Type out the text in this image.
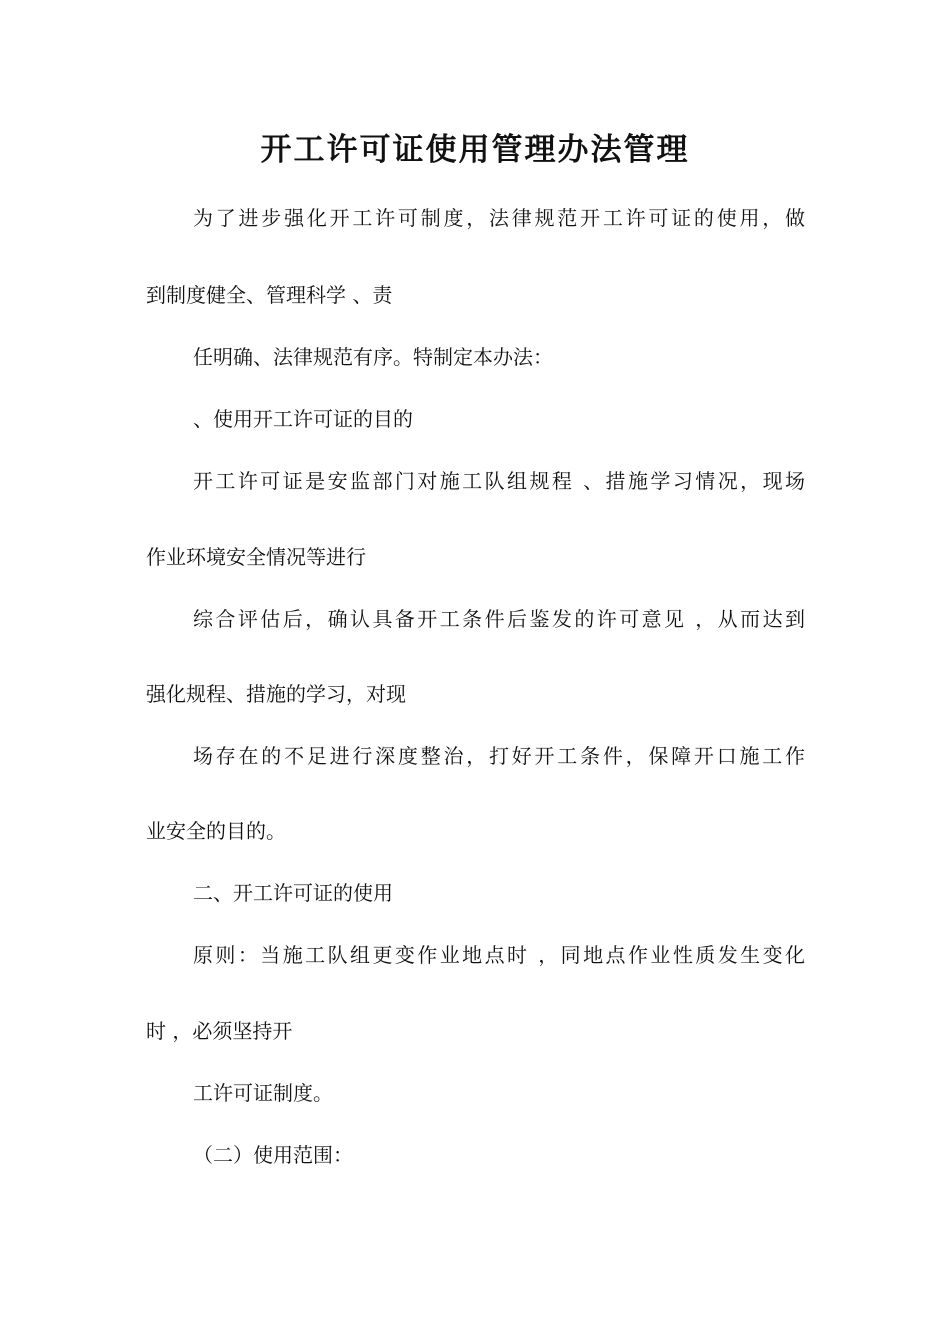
开工许可证使用管理办法管理

为了进步强化开工许可制度，法律规范开工许可证的使用，做

到制度健全、管理科学 、责

任明确、法律规范有序。特制定本办法：

、使用开工许可证的目的

开工许可证是安监部门对施工队组规程 、措施学习情况，现场

作业环境安全情况等进行

综合评估后，确认具备开工条件后鉴发的许可意见 ，从而达到

强化规程、措施的学习，对现

场存在的不足进行深度整治，打好开工条件，保障开口施工作

业安全的目的。

二、开工许可证的使用

原则：当施工队组更变作业地点时 ，同地点作业性质发生变化

时 ，必须坚持开

工许可证制度。

（二）使用范围：
